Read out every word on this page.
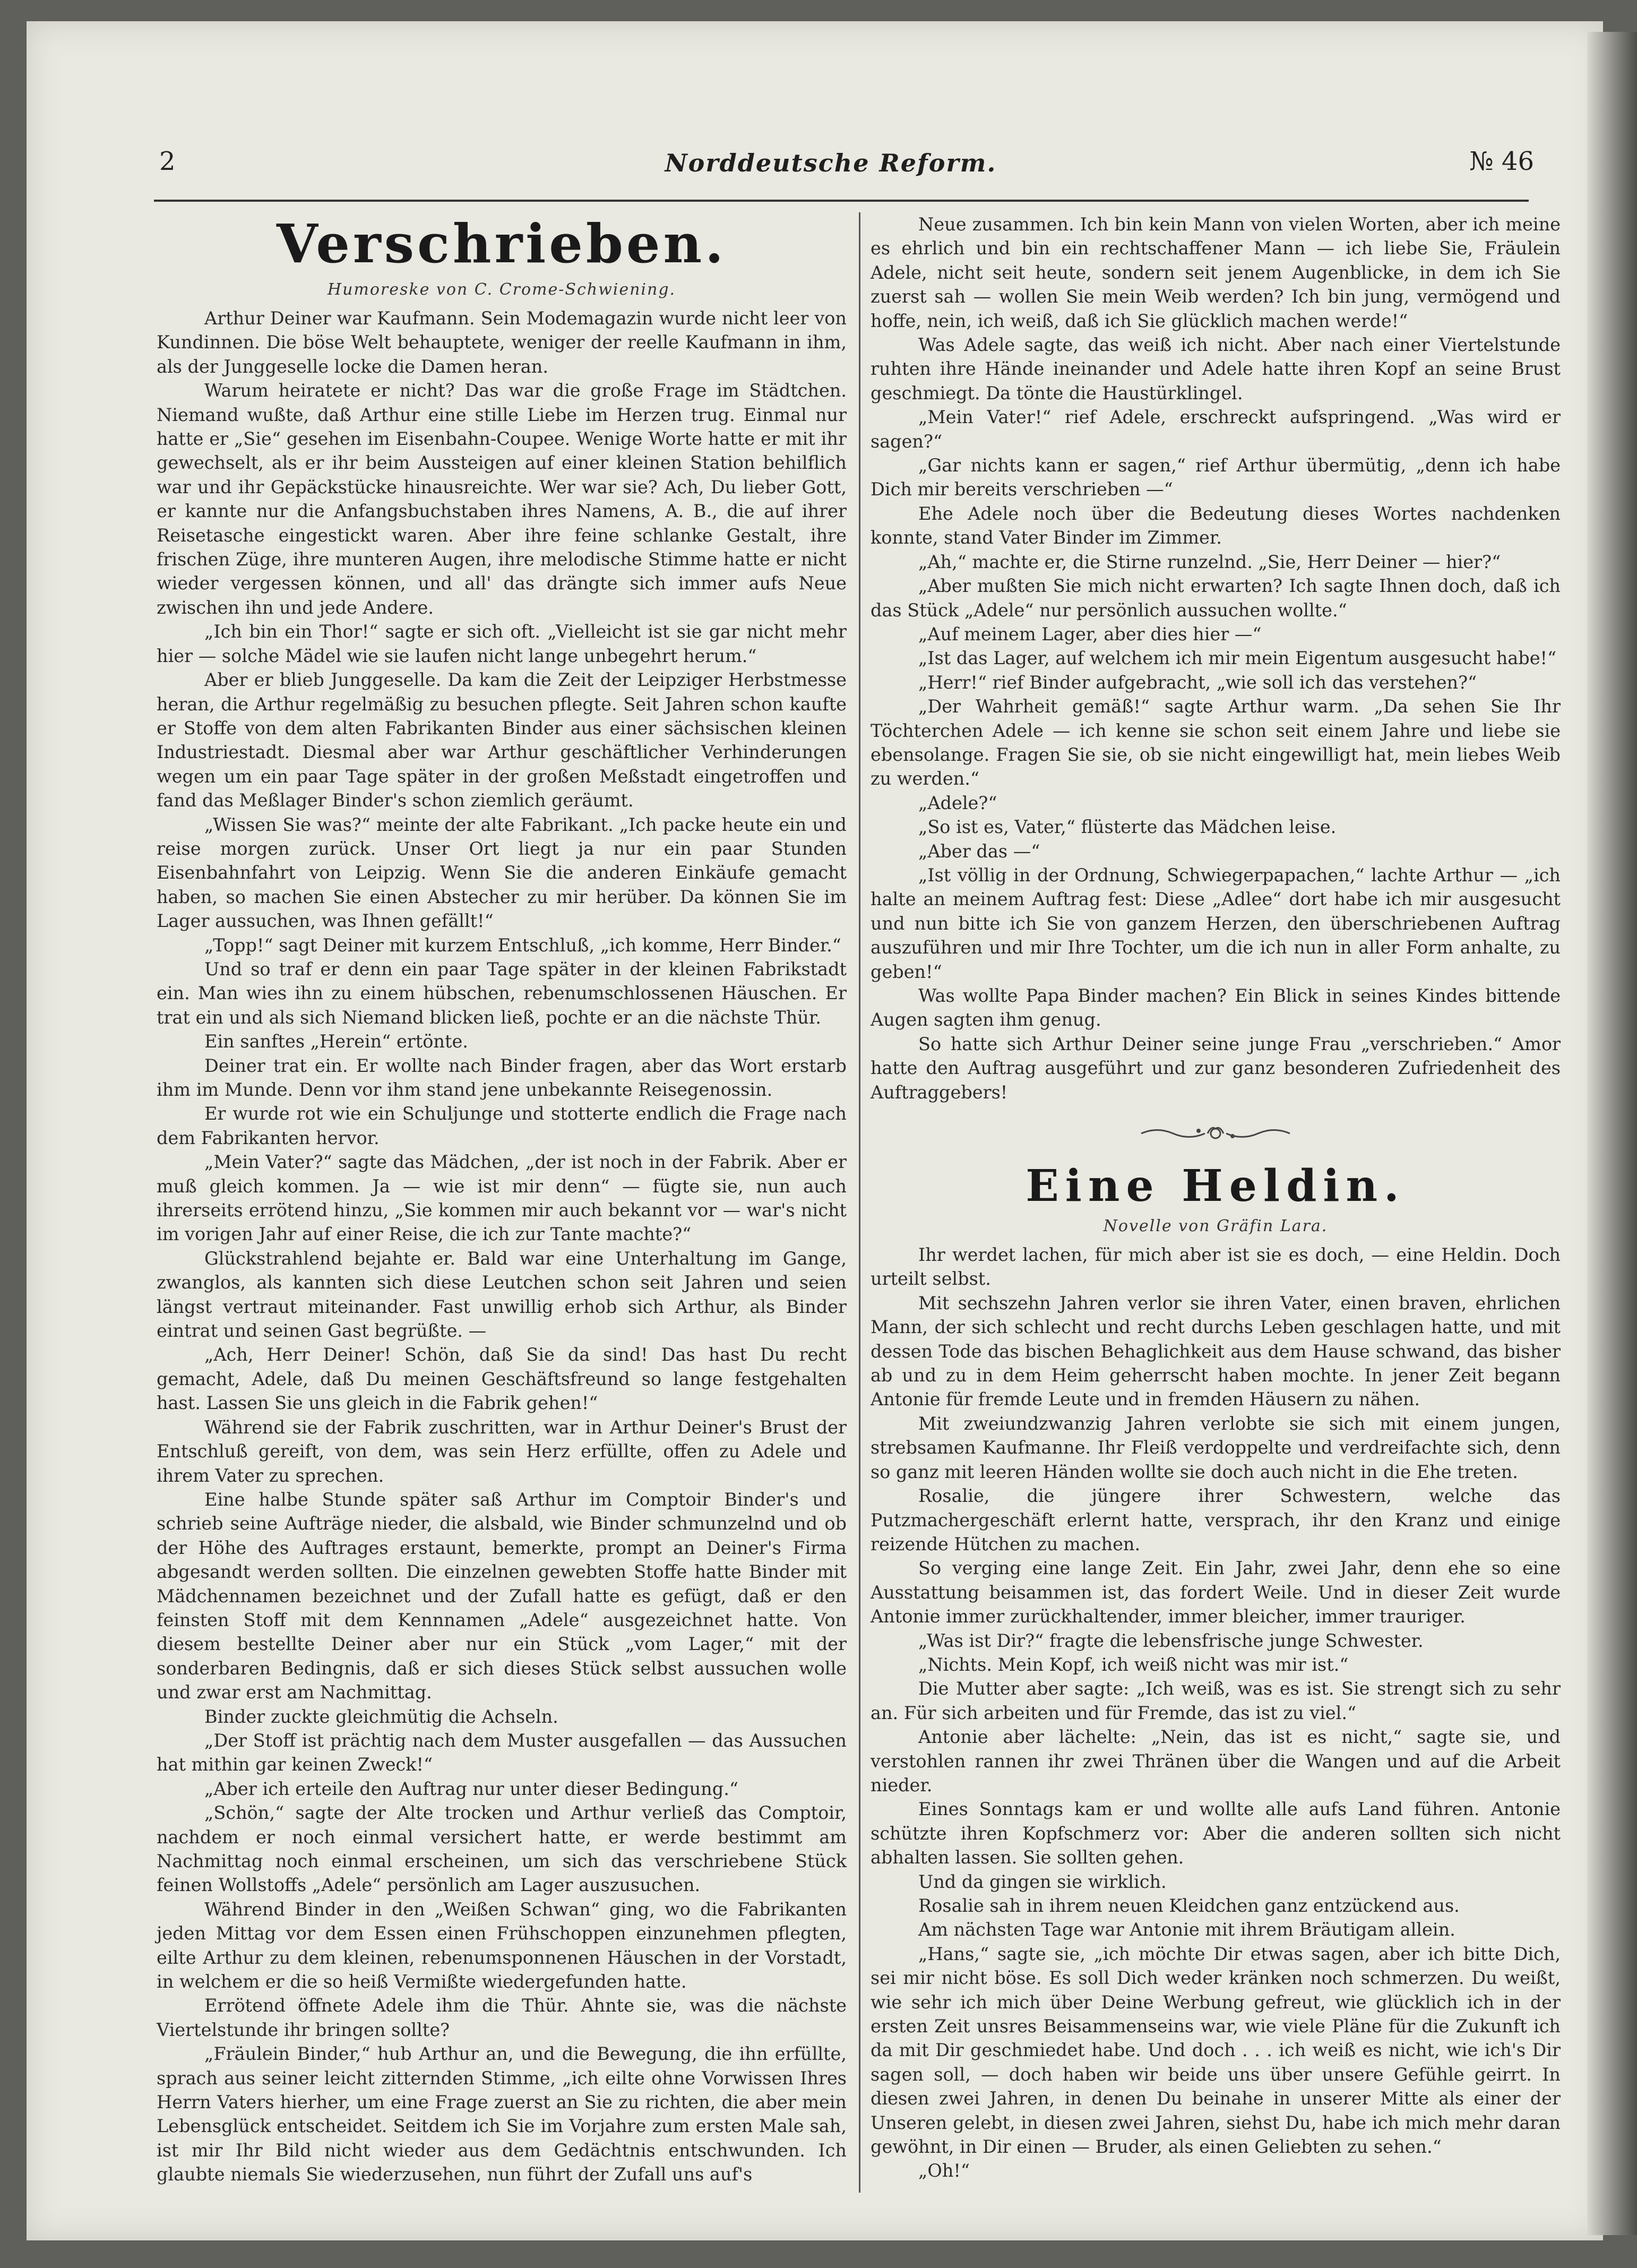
2	Norddeutsche Reform.	№ 46
Verschrieben.
Humoreske von C. Crome-Schwiening.

Arthur Deiner war Kaufmann. Sein Modemagazin wurde nicht leer von Kundinnen. Die böse Welt behauptete, weniger der reelle Kaufmann in ihm, als der Junggeselle locke die Damen heran.

Warum heiratete er nicht? Das war die große Frage im Städtchen. Niemand wußte, daß Arthur eine stille Liebe im Herzen trug. Einmal nur hatte er „Sie“ gesehen im Eisenbahn-Coupee. Wenige Worte hatte er mit ihr gewechselt, als er ihr beim Aussteigen auf einer kleinen Station behilflich war und ihr Gepäckstücke hinausreichte. Wer war sie? Ach, Du lieber Gott, er kannte nur die Anfangsbuchstaben ihres Namens, A. B., die auf ihrer Reisetasche eingestickt waren. Aber ihre feine schlanke Gestalt, ihre frischen Züge, ihre munteren Augen, ihre melodische Stimme hatte er nicht wieder vergessen können, und all' das drängte sich immer aufs Neue zwischen ihn und jede Andere.

„Ich bin ein Thor!“ sagte er sich oft. „Vielleicht ist sie gar nicht mehr hier — solche Mädel wie sie laufen nicht lange unbegehrt herum.“

Aber er blieb Junggeselle. Da kam die Zeit der Leipziger Herbstmesse heran, die Arthur regelmäßig zu besuchen pflegte. Seit Jahren schon kaufte er Stoffe von dem alten Fabrikanten Binder aus einer sächsischen kleinen Industriestadt. Diesmal aber war Arthur geschäftlicher Verhinderungen wegen um ein paar Tage später in der großen Meßstadt eingetroffen und fand das Meßlager Binder's schon ziemlich geräumt.

„Wissen Sie was?“ meinte der alte Fabrikant. „Ich packe heute ein und reise morgen zurück. Unser Ort liegt ja nur ein paar Stunden Eisenbahnfahrt von Leipzig. Wenn Sie die anderen Einkäufe gemacht haben, so machen Sie einen Abstecher zu mir herüber. Da können Sie im Lager aussuchen, was Ihnen gefällt!“

„Topp!“ sagt Deiner mit kurzem Entschluß, „ich komme, Herr Binder.“

Und so traf er denn ein paar Tage später in der kleinen Fabrikstadt ein. Man wies ihn zu einem hübschen, rebenumschlossenen Häuschen. Er trat ein und als sich Niemand blicken ließ, pochte er an die nächste Thür.

Ein sanftes „Herein“ ertönte.

Deiner trat ein. Er wollte nach Binder fragen, aber das Wort erstarb ihm im Munde. Denn vor ihm stand jene unbekannte Reisegenossin.

Er wurde rot wie ein Schuljunge und stotterte endlich die Frage nach dem Fabrikanten hervor.

„Mein Vater?“ sagte das Mädchen, „der ist noch in der Fabrik. Aber er muß gleich kommen. Ja — wie ist mir denn“ — fügte sie, nun auch ihrerseits errötend hinzu, „Sie kommen mir auch bekannt vor — war's nicht im vorigen Jahr auf einer Reise, die ich zur Tante machte?“

Glückstrahlend bejahte er. Bald war eine Unterhaltung im Gange, zwanglos, als kannten sich diese Leutchen schon seit Jahren und seien längst vertraut miteinander. Fast unwillig erhob sich Arthur, als Binder eintrat und seinen Gast begrüßte. —

„Ach, Herr Deiner! Schön, daß Sie da sind! Das hast Du recht gemacht, Adele, daß Du meinen Geschäftsfreund so lange festgehalten hast. Lassen Sie uns gleich in die Fabrik gehen!“

Während sie der Fabrik zuschritten, war in Arthur Deiner's Brust der Entschluß gereift, von dem, was sein Herz erfüllte, offen zu Adele und ihrem Vater zu sprechen.

Eine halbe Stunde später saß Arthur im Comptoir Binder's und schrieb seine Aufträge nieder, die alsbald, wie Binder schmunzelnd und ob der Höhe des Auftrages erstaunt, bemerkte, prompt an Deiner's Firma abgesandt werden sollten. Die einzelnen gewebten Stoffe hatte Binder mit Mädchennamen bezeichnet und der Zufall hatte es gefügt, daß er den feinsten Stoff mit dem Kennnamen „Adele“ ausgezeichnet hatte. Von diesem bestellte Deiner aber nur ein Stück „vom Lager,“ mit der sonderbaren Bedingnis, daß er sich dieses Stück selbst aussuchen wolle und zwar erst am Nachmittag.

Binder zuckte gleichmütig die Achseln.

„Der Stoff ist prächtig nach dem Muster ausgefallen — das Aussuchen hat mithin gar keinen Zweck!“

„Aber ich erteile den Auftrag nur unter dieser Bedingung.“

„Schön,“ sagte der Alte trocken und Arthur verließ das Comptoir, nachdem er noch einmal versichert hatte, er werde bestimmt am Nachmittag noch einmal erscheinen, um sich das verschriebene Stück feinen Wollstoffs „Adele“ persönlich am Lager auszusuchen.

Während Binder in den „Weißen Schwan“ ging, wo die Fabrikanten jeden Mittag vor dem Essen einen Frühschoppen einzunehmen pflegten, eilte Arthur zu dem kleinen, rebenumsponnenen Häuschen in der Vorstadt, in welchem er die so heiß Vermißte wiedergefunden hatte.

Errötend öffnete Adele ihm die Thür. Ahnte sie, was die nächste Viertelstunde ihr bringen sollte?

„Fräulein Binder,“ hub Arthur an, und die Bewegung, die ihn erfüllte, sprach aus seiner leicht zitternden Stimme, „ich eilte ohne Vorwissen Ihres Herrn Vaters hierher, um eine Frage zuerst an Sie zu richten, die aber mein Lebensglück entscheidet. Seitdem ich Sie im Vorjahre zum ersten Male sah, ist mir Ihr Bild nicht wieder aus dem Gedächtnis entschwunden. Ich glaubte niemals Sie wiederzusehen, nun führt der Zufall uns auf's

Neue zusammen. Ich bin kein Mann von vielen Worten, aber ich meine es ehrlich und bin ein rechtschaffener Mann — ich liebe Sie, Fräulein Adele, nicht seit heute, sondern seit jenem Augenblicke, in dem ich Sie zuerst sah — wollen Sie mein Weib werden? Ich bin jung, vermögend und hoffe, nein, ich weiß, daß ich Sie glücklich machen werde!“

Was Adele sagte, das weiß ich nicht. Aber nach einer Viertelstunde ruhten ihre Hände ineinander und Adele hatte ihren Kopf an seine Brust geschmiegt. Da tönte die Haustürklingel.

„Mein Vater!“ rief Adele, erschreckt aufspringend. „Was wird er sagen?“

„Gar nichts kann er sagen,“ rief Arthur übermütig, „denn ich habe Dich mir bereits verschrieben —“

Ehe Adele noch über die Bedeutung dieses Wortes nachdenken konnte, stand Vater Binder im Zimmer.

„Ah,“ machte er, die Stirne runzelnd. „Sie, Herr Deiner — hier?“

„Aber mußten Sie mich nicht erwarten? Ich sagte Ihnen doch, daß ich das Stück „Adele“ nur persönlich aussuchen wollte.“

„Auf meinem Lager, aber dies hier —“

„Ist das Lager, auf welchem ich mir mein Eigentum ausgesucht habe!“

„Herr!“ rief Binder aufgebracht, „wie soll ich das verstehen?“

„Der Wahrheit gemäß!“ sagte Arthur warm. „Da sehen Sie Ihr Töchterchen Adele — ich kenne sie schon seit einem Jahre und liebe sie ebensolange. Fragen Sie sie, ob sie nicht eingewilligt hat, mein liebes Weib zu werden.“

„Adele?“

„So ist es, Vater,“ flüsterte das Mädchen leise.

„Aber das —“

„Ist völlig in der Ordnung, Schwiegerpapachen,“ lachte Arthur — „ich halte an meinem Auftrag fest: Diese „Adlee“ dort habe ich mir ausgesucht und nun bitte ich Sie von ganzem Herzen, den überschriebenen Auftrag auszuführen und mir Ihre Tochter, um die ich nun in aller Form anhalte, zu geben!“

Was wollte Papa Binder machen? Ein Blick in seines Kindes bittende Augen sagten ihm genug.

So hatte sich Arthur Deiner seine junge Frau „verschrieben.“ Amor hatte den Auftrag ausgeführt und zur ganz besonderen Zufriedenheit des Auftraggebers!

Eine Heldin.
Novelle von Gräfin Lara.

Ihr werdet lachen, für mich aber ist sie es doch, — eine Heldin. Doch urteilt selbst.

Mit sechszehn Jahren verlor sie ihren Vater, einen braven, ehrlichen Mann, der sich schlecht und recht durchs Leben geschlagen hatte, und mit dessen Tode das bischen Behaglichkeit aus dem Hause schwand, das bisher ab und zu in dem Heim geherrscht haben mochte. In jener Zeit begann Antonie für fremde Leute und in fremden Häusern zu nähen.

Mit zweiundzwanzig Jahren verlobte sie sich mit einem jungen, strebsamen Kaufmanne. Ihr Fleiß verdoppelte und verdreifachte sich, denn so ganz mit leeren Händen wollte sie doch auch nicht in die Ehe treten.

Rosalie, die jüngere ihrer Schwestern, welche das Putzmachergeschäft erlernt hatte, versprach, ihr den Kranz und einige reizende Hütchen zu machen.

So verging eine lange Zeit. Ein Jahr, zwei Jahr, denn ehe so eine Ausstattung beisammen ist, das fordert Weile. Und in dieser Zeit wurde Antonie immer zurückhaltender, immer bleicher, immer trauriger.

„Was ist Dir?“ fragte die lebensfrische junge Schwester.

„Nichts. Mein Kopf, ich weiß nicht was mir ist.“

Die Mutter aber sagte: „Ich weiß, was es ist. Sie strengt sich zu sehr an. Für sich arbeiten und für Fremde, das ist zu viel.“

Antonie aber lächelte: „Nein, das ist es nicht,“ sagte sie, und verstohlen rannen ihr zwei Thränen über die Wangen und auf die Arbeit nieder.

Eines Sonntags kam er und wollte alle aufs Land führen. Antonie schützte ihren Kopfschmerz vor: Aber die anderen sollten sich nicht abhalten lassen. Sie sollten gehen.

Und da gingen sie wirklich.

Rosalie sah in ihrem neuen Kleidchen ganz entzückend aus.

Am nächsten Tage war Antonie mit ihrem Bräutigam allein.

„Hans,“ sagte sie, „ich möchte Dir etwas sagen, aber ich bitte Dich, sei mir nicht böse. Es soll Dich weder kränken noch schmerzen. Du weißt, wie sehr ich mich über Deine Werbung gefreut, wie glücklich ich in der ersten Zeit unsres Beisammenseins war, wie viele Pläne für die Zukunft ich da mit Dir geschmiedet habe. Und doch . . . ich weiß es nicht, wie ich's Dir sagen soll, — doch haben wir beide uns über unsere Gefühle geirrt. In diesen zwei Jahren, in denen Du beinahe in unserer Mitte als einer der Unseren gelebt, in diesen zwei Jahren, siehst Du, habe ich mich mehr daran gewöhnt, in Dir einen — Bruder, als einen Geliebten zu sehen.“

„Oh!“
